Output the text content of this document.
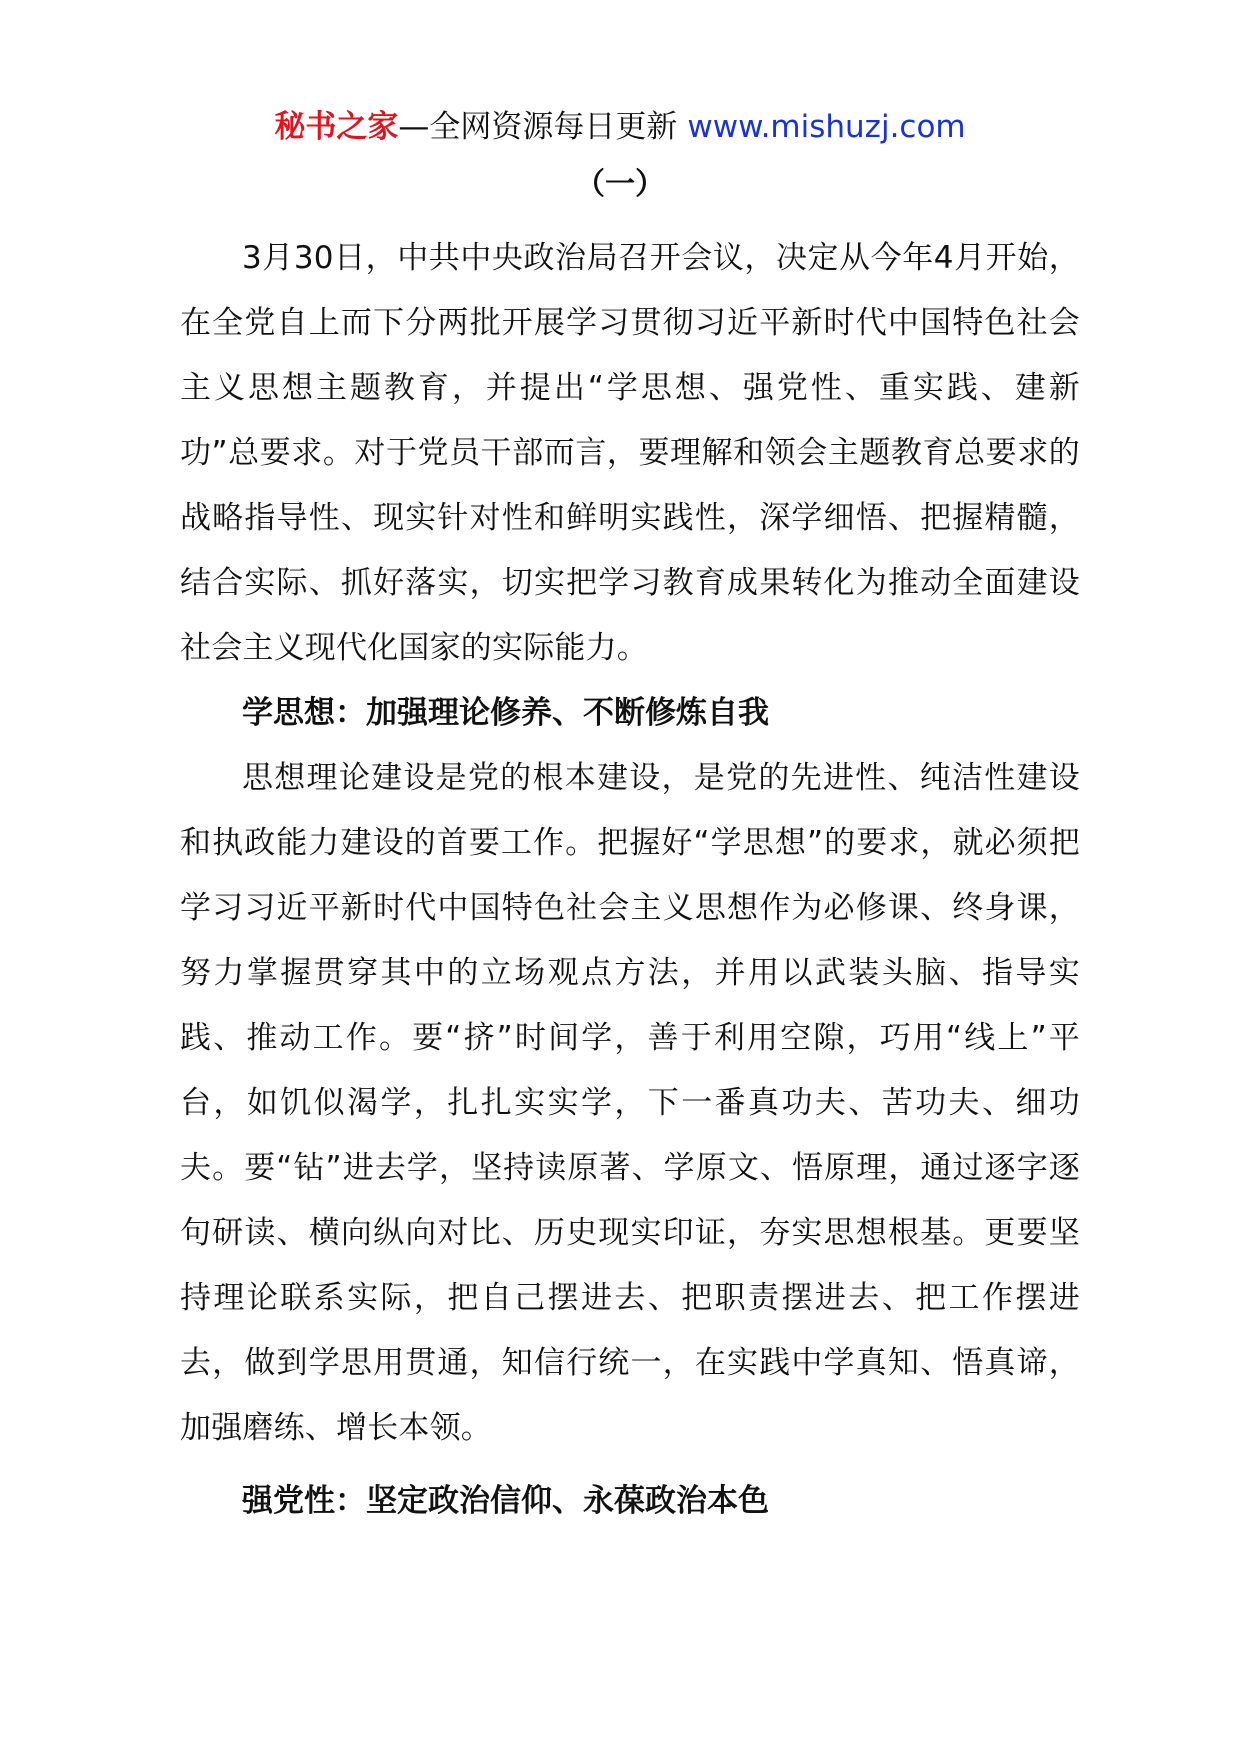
秘书之家—全网资源每日更新 www.mishuzj.com
（一）

3月30日，中共中央政治局召开会议，决定从今年4月开始，在全党自上而下分两批开展学习贯彻习近平新时代中国特色社会主义思想主题教育，并提出“学思想、强党性、重实践、建新功”总要求。对于党员干部而言，要理解和领会主题教育总要求的战略指导性、现实针对性和鲜明实践性，深学细悟、把握精髓，结合实际、抓好落实，切实把学习教育成果转化为推动全面建设社会主义现代化国家的实际能力。

学思想：加强理论修养、不断修炼自我

思想理论建设是党的根本建设，是党的先进性、纯洁性建设和执政能力建设的首要工作。把握好“学思想”的要求，就必须把学习习近平新时代中国特色社会主义思想作为必修课、终身课，努力掌握贯穿其中的立场观点方法，并用以武装头脑、指导实践、推动工作。要“挤”时间学，善于利用空隙，巧用“线上”平台，如饥似渴学，扎扎实实学，下一番真功夫、苦功夫、细功夫。要“钻”进去学，坚持读原著、学原文、悟原理，通过逐字逐句研读、横向纵向对比、历史现实印证，夯实思想根基。更要坚持理论联系实际，把自己摆进去、把职责摆进去、把工作摆进去，做到学思用贯通，知信行统一，在实践中学真知、悟真谛，加强磨练、增长本领。

强党性：坚定政治信仰、永葆政治本色
